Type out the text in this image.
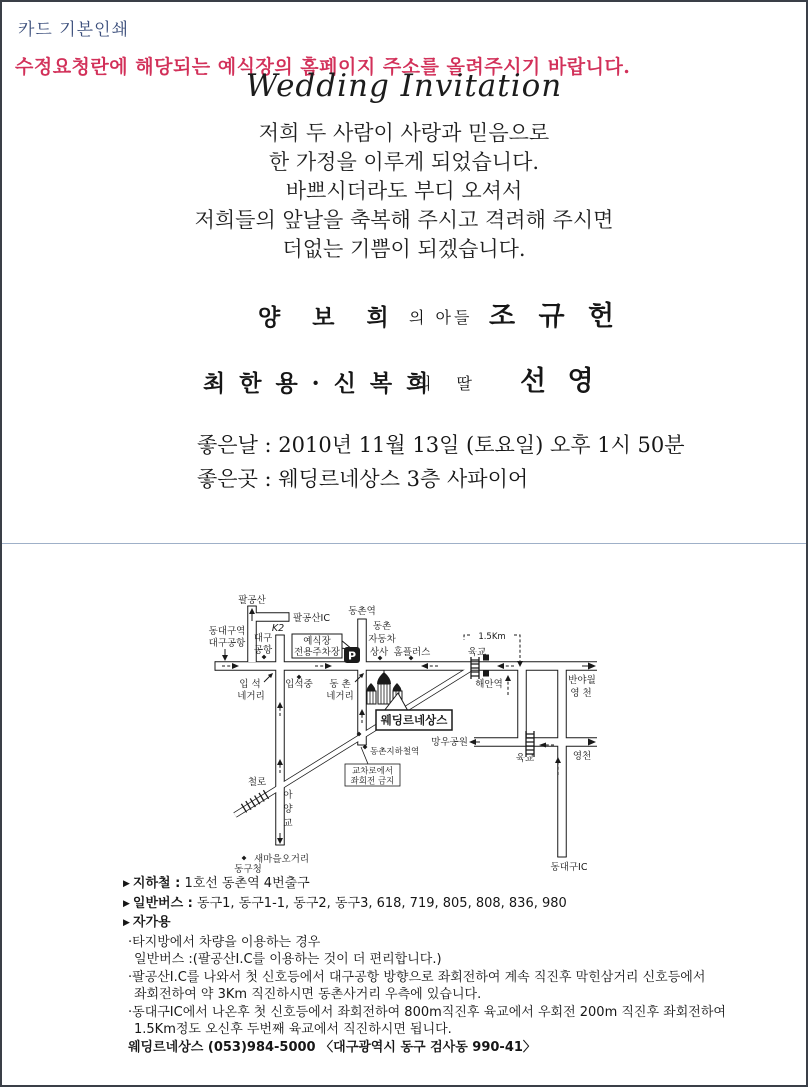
카드 기본인쇄
수정요청란에 해당되는 예식장의 홈페이지 주소를 올려주시기 바랍니다.
Wedding Invitation
저희 두 사람이 사랑과 믿음으로
한 가정을 이루게 되었습니다.
바쁘시더라도 부디 오셔서
저희들의 앞날을 축복해 주시고 격려해 주시면
더없는 기쁨이 되겠습니다.
양 보 희 의 아들 조 규 헌
최 한 용 · 신 복 희
의 딸 선 영
좋은날 : 2010년 11월 13일 (토요일) 오후 1시 50분
좋은곳 : 웨딩르네상스 3층 사파이어
예식장
전용주차장 P
웨딩르네상스
교차로에서
좌회전 금지
팔공산
팔공산IC
동대구역
대구공항 대구
공항
K2
동촌역
동촌
자동차
상사 홈플러스
1.5Km
육교
해안역	반야월
영 천
입 석
네거리
입석중 동 촌
네거리
동촌지하철역
망우공원
육교	영천
철로
아
양
교
새마을오거리
동구청	동대구IC
▶ 지하철 : 1호선 동촌역 4번출구
▶ 일반버스 : 동구1, 동구1-1, 동구2, 동구3, 618, 719, 805, 808, 836, 980
▶ 자가용
·타지방에서 차량을 이용하는 경우
일반버스 :(팔공산I.C를 이용하는 것이 더 편리합니다.)
·팔공산I.C를 나와서 첫 신호등에서 대구공항 방향으로 좌회전하여 계속 직진후 막힌삼거리 신호등에서
좌회전하여 약 3Km 직진하시면 동촌사거리 우측에 있습니다.
·동대구IC에서 나온후 첫 신호등에서 좌회전하여 800m직진후 육교에서 우회전 200m 직진후 좌회전하여
1.5Km정도 오신후 두번째 육교에서 직진하시면 됩니다.
웨딩르네상스 (053)984-5000 〈대구광역시 동구 검사동 990-41〉
